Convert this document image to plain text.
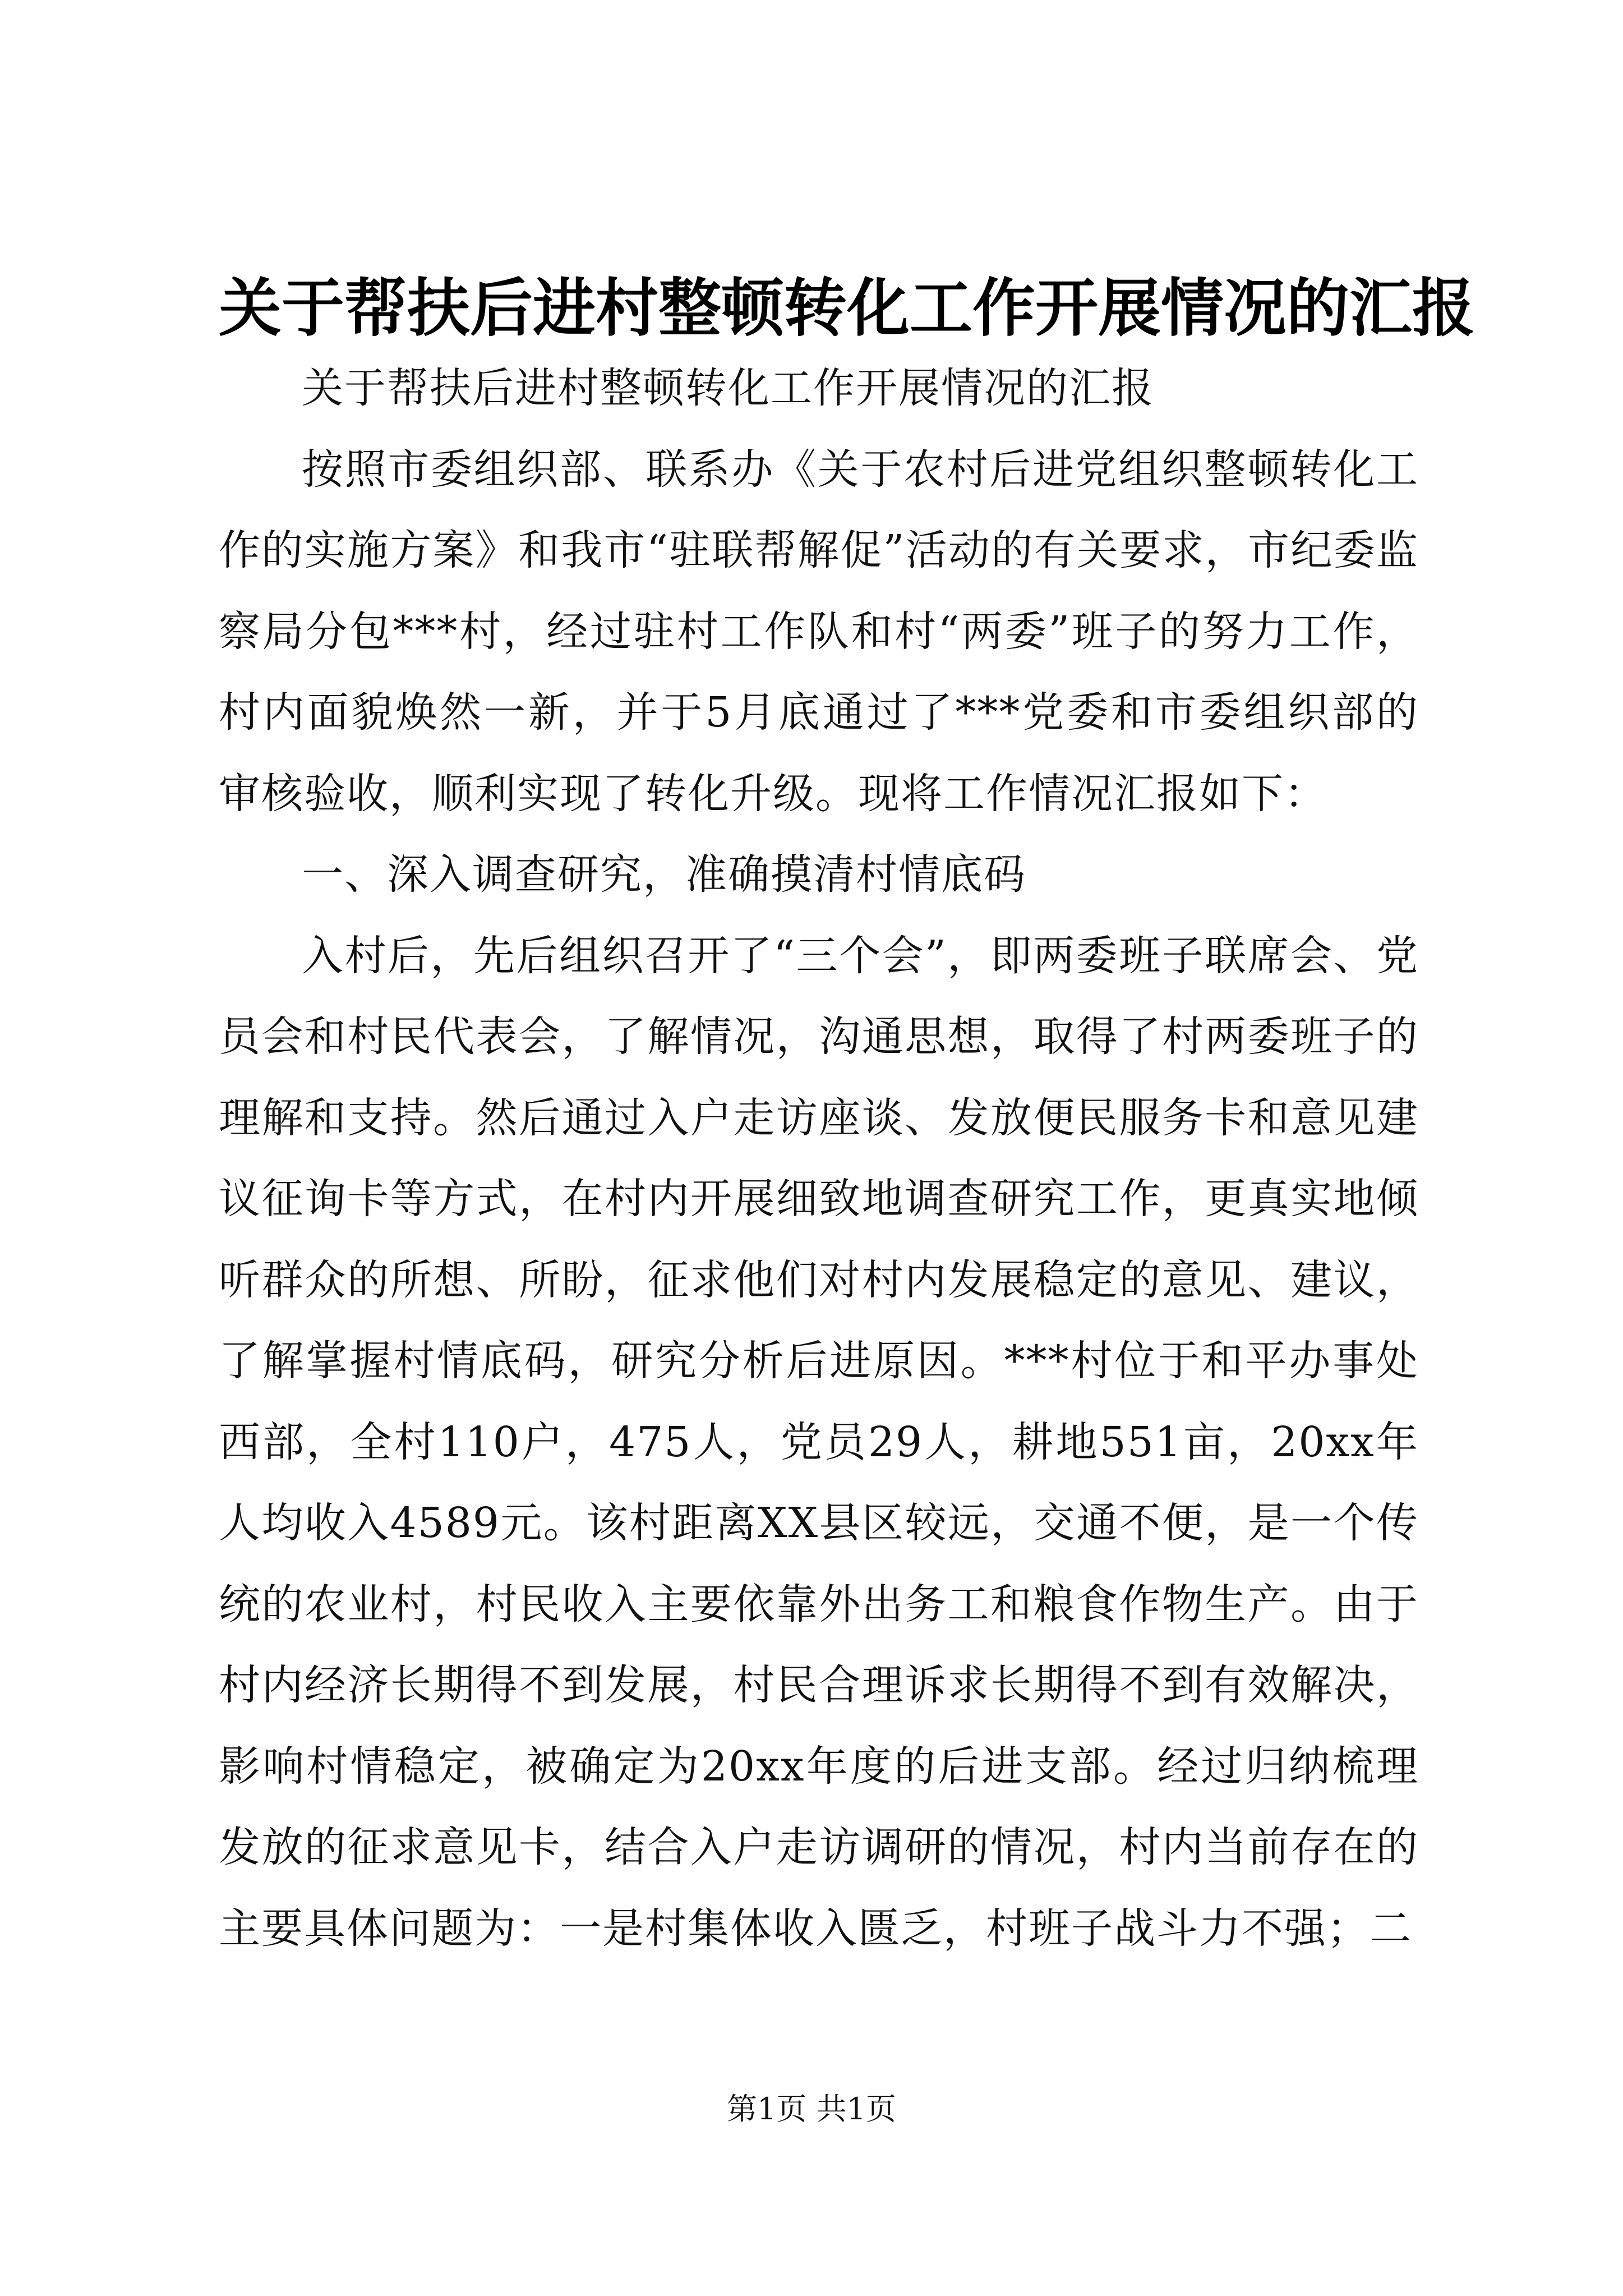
关于帮扶后进村整顿转化工作开展情况的汇报

关于帮扶后进村整顿转化工作开展情况的汇报

按照市委组织部、联系办《关于农村后进党组织整顿转化工作的实施方案》和我市“驻联帮解促”活动的有关要求，市纪委监察局分包***村，经过驻村工作队和村“两委”班子的努力工作，村内面貌焕然一新，并于5月底通过了***党委和市委组织部的审核验收，顺利实现了转化升级。现将工作情况汇报如下：

一、深入调查研究，准确摸清村情底码

入村后，先后组织召开了“三个会”，即两委班子联席会、党员会和村民代表会，了解情况，沟通思想，取得了村两委班子的理解和支持。然后通过入户走访座谈、发放便民服务卡和意见建议征询卡等方式，在村内开展细致地调查研究工作，更真实地倾听群众的所想、所盼，征求他们对村内发展稳定的意见、建议，了解掌握村情底码，研究分析后进原因。***村位于和平办事处西部，全村110户，475人，党员29人，耕地551亩，20xx年人均收入4589元。该村距离XX县区较远，交通不便，是一个传统的农业村，村民收入主要依靠外出务工和粮食作物生产。由于村内经济长期得不到发展，村民合理诉求长期得不到有效解决，影响村情稳定，被确定为20xx年度的后进支部。经过归纳梳理发放的征求意见卡，结合入户走访调研的情况，村内当前存在的主要具体问题为：一是村集体收入匮乏，村班子战斗力不强；二

第1页 共1页
